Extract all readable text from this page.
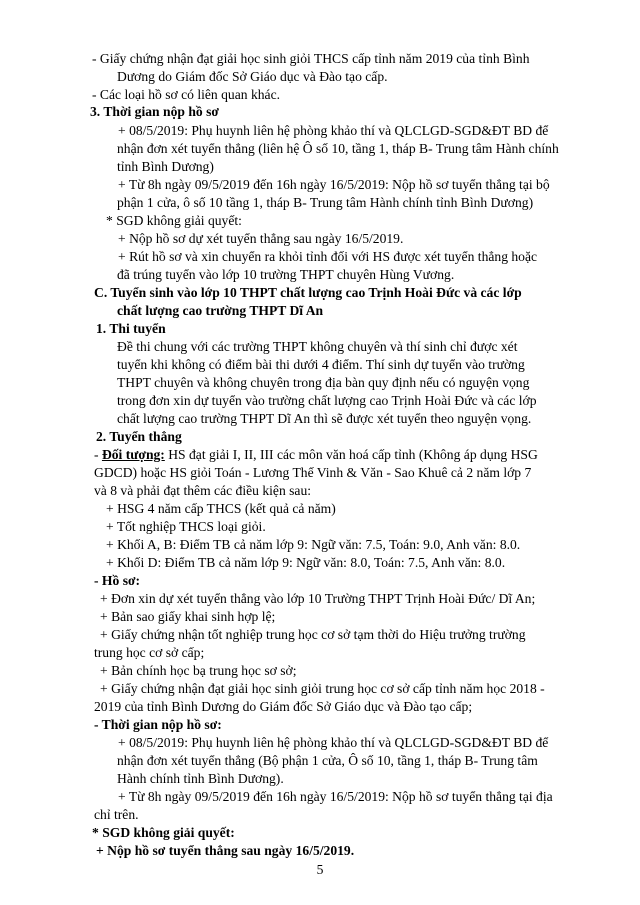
- Giấy chứng nhận đạt giải học sinh giỏi THCS cấp tỉnh năm 2019 của tỉnh Bình
Dương do Giám đốc Sở Giáo dục và Đào tạo cấp.
- Các loại hồ sơ có liên quan khác.
3. Thời gian nộp hồ sơ
+ 08/5/2019: Phụ huynh liên hệ phòng khảo thí và QLCLGD-SGD&ĐT BD để
nhận đơn xét tuyển thẳng (liên hệ Ô số 10, tầng 1, tháp B- Trung tâm Hành chính
tỉnh Bình Dương)
+ Từ 8h ngày 09/5/2019 đến 16h ngày 16/5/2019: Nộp hồ sơ tuyển thẳng tại bộ
phận 1 cửa, ô số 10 tầng 1, tháp B- Trung tâm Hành chính tỉnh Bình Dương)
* SGD không giải quyết:
+ Nộp hồ sơ dự xét tuyển thẳng sau ngày 16/5/2019.
+ Rút hồ sơ và xin chuyển ra khỏi tỉnh đối với HS được xét tuyển thẳng hoặc
đã trúng tuyển vào lớp 10 trường THPT chuyên Hùng Vương.
C. Tuyển sinh vào lớp 10 THPT chất lượng cao Trịnh Hoài Đức và các lớp
chất lượng cao trường THPT Dĩ An
1. Thi tuyển
Đề thi chung với các trường THPT không chuyên và thí sinh chỉ được xét
tuyển khi không có điểm bài thi dưới 4 điểm. Thí sinh dự tuyển vào trường
THPT chuyên và không chuyên trong địa bàn quy định nếu có nguyện vọng
trong đơn xin dự tuyển vào trường chất lượng cao Trịnh Hoài Đức và các lớp
chất lượng cao trường THPT Dĩ An thì sẽ được xét tuyển theo nguyện vọng.
2. Tuyển thẳng
- Đối tượng: HS đạt giải I, II, III các môn văn hoá cấp tỉnh (Không áp dụng HSG
GDCD) hoặc HS giỏi Toán - Lương Thế Vinh & Văn - Sao Khuê cả 2 năm lớp 7
và 8 và phải đạt thêm các điều kiện sau:
+ HSG 4 năm cấp THCS (kết quả cả năm)
+ Tốt nghiệp THCS loại giỏi.
+ Khối A, B: Điểm TB cả năm lớp 9: Ngữ văn: 7.5, Toán: 9.0, Anh văn: 8.0.
+ Khối D: Điểm TB cả năm lớp 9: Ngữ văn: 8.0, Toán: 7.5, Anh văn: 8.0.
- Hồ sơ:
+ Đơn xin dự xét tuyển thẳng vào lớp 10 Trường THPT Trịnh Hoài Đức/ Dĩ An;
+ Bản sao giấy khai sinh hợp lệ;
+ Giấy chứng nhận tốt nghiệp trung học cơ sở tạm thời do Hiệu trưởng trường
trung học cơ sở cấp;
+ Bản chính học bạ trung học sơ sở;
+ Giấy chứng nhận đạt giải học sinh giỏi trung học cơ sở cấp tỉnh năm học 2018 -
2019 của tỉnh Bình Dương do Giám đốc Sở Giáo dục và Đào tạo cấp;
- Thời gian nộp hồ sơ:
+ 08/5/2019: Phụ huynh liên hệ phòng khảo thí và QLCLGD-SGD&ĐT BD để
nhận đơn xét tuyển thẳng (Bộ phận 1 cửa, Ô số 10, tầng 1, tháp B- Trung tâm
Hành chính tỉnh Bình Dương).
+ Từ 8h ngày 09/5/2019 đến 16h ngày 16/5/2019: Nộp hồ sơ tuyển thẳng tại địa
chỉ trên.
* SGD không giải quyết:
+ Nộp hồ sơ tuyển thẳng sau ngày 16/5/2019.
5
